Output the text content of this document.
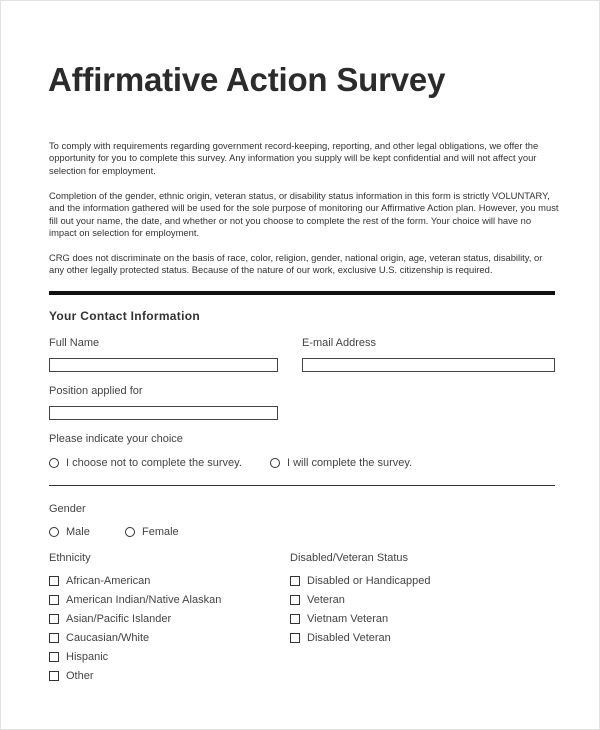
Affirmative Action Survey
To comply with requirements regarding government record-keeping, reporting, and other legal obligations, we offer the opportunity for you to complete this survey. Any information you supply will be kept confidential and will not affect your selection for employment.
Completion of the gender, ethnic origin, veteran status, or disability status information in this form is strictly VOLUNTARY, and the information gathered will be used for the sole purpose of monitoring our Affirmative Action plan. However, you must fill out your name, the date, and whether or not you choose to complete the rest of the form. Your choice will have no impact on selection for employment.
CRG does not discriminate on the basis of race, color, religion, gender, national origin, age, veteran status, disability, or any other legally protected status. Because of the nature of our work, exclusive U.S. citizenship is required.
Your Contact Information
Full Name	E-mail Address
Position applied for
Please indicate your choice
I choose not to complete the survey.	I will complete the survey.
Gender
Male	Female
Ethnicity
African-American
American Indian/Native Alaskan
Asian/Pacific Islander
Caucasian/White
Hispanic
Other
Disabled/Veteran Status
Disabled or Handicapped
Veteran
Vietnam Veteran
Disabled Veteran
